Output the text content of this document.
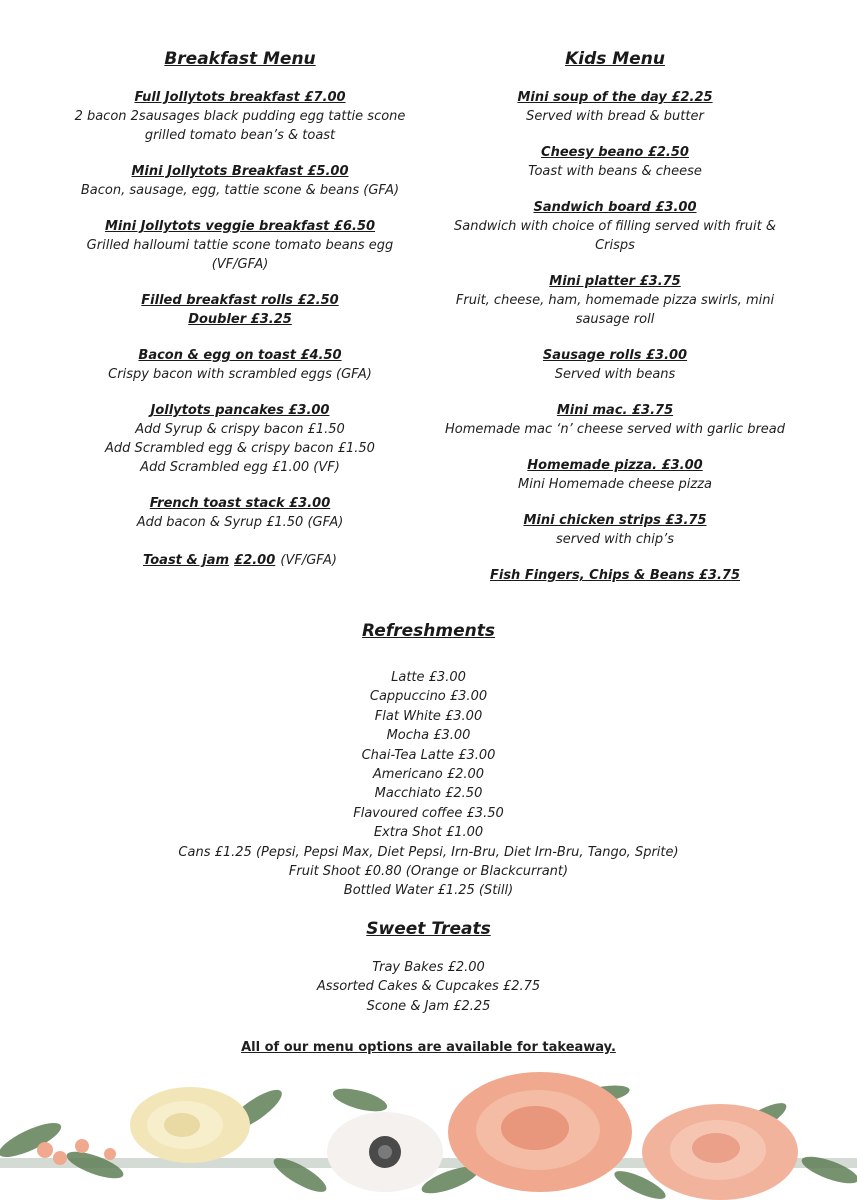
Breakfast Menu
Full Jollytots breakfast £7.00
2 bacon 2sausages black pudding egg tattie scone
grilled tomato bean’s & toast
Mini Jollytots Breakfast £5.00
Bacon, sausage, egg, tattie scone & beans (GFA)
Mini Jollytots veggie breakfast £6.50
Grilled halloumi tattie scone tomato beans egg
(VF/GFA)
Filled breakfast rolls £2.50
Doubler £3.25
Bacon & egg on toast £4.50
Crispy bacon with scrambled eggs (GFA)
Jollytots pancakes £3.00
Add Syrup & crispy bacon £1.50
Add Scrambled egg & crispy bacon £1.50
Add Scrambled egg £1.00 (VF)
French toast stack £3.00
Add bacon & Syrup £1.50 (GFA)
Toast & jam £2.00 (VF/GFA)
Kids Menu
Mini soup of the day £2.25
Served with bread & butter
Cheesy beano £2.50
Toast with beans & cheese
Sandwich board £3.00
Sandwich with choice of filling served with fruit &
Crisps
Mini platter £3.75
Fruit, cheese, ham, homemade pizza swirls, mini
sausage roll
Sausage rolls £3.00
Served with beans
Mini mac. £3.75
Homemade mac ‘n’ cheese served with garlic bread
Homemade pizza. £3.00
Mini Homemade cheese pizza
Mini chicken strips £3.75
served with chip’s
Fish Fingers, Chips & Beans £3.75
Refreshments
Latte £3.00
Cappuccino £3.00
Flat White £3.00
Mocha £3.00
Chai-Tea Latte £3.00
Americano £2.00
Macchiato £2.50
Flavoured coffee £3.50
Extra Shot £1.00
Cans £1.25 (Pepsi, Pepsi Max, Diet Pepsi, Irn-Bru, Diet Irn-Bru, Tango, Sprite)
Fruit Shoot £0.80 (Orange or Blackcurrant)
Bottled Water £1.25 (Still)
Sweet Treats
Tray Bakes £2.00
Assorted Cakes & Cupcakes £2.75
Scone & Jam £2.25
All of our menu options are available for takeaway.
